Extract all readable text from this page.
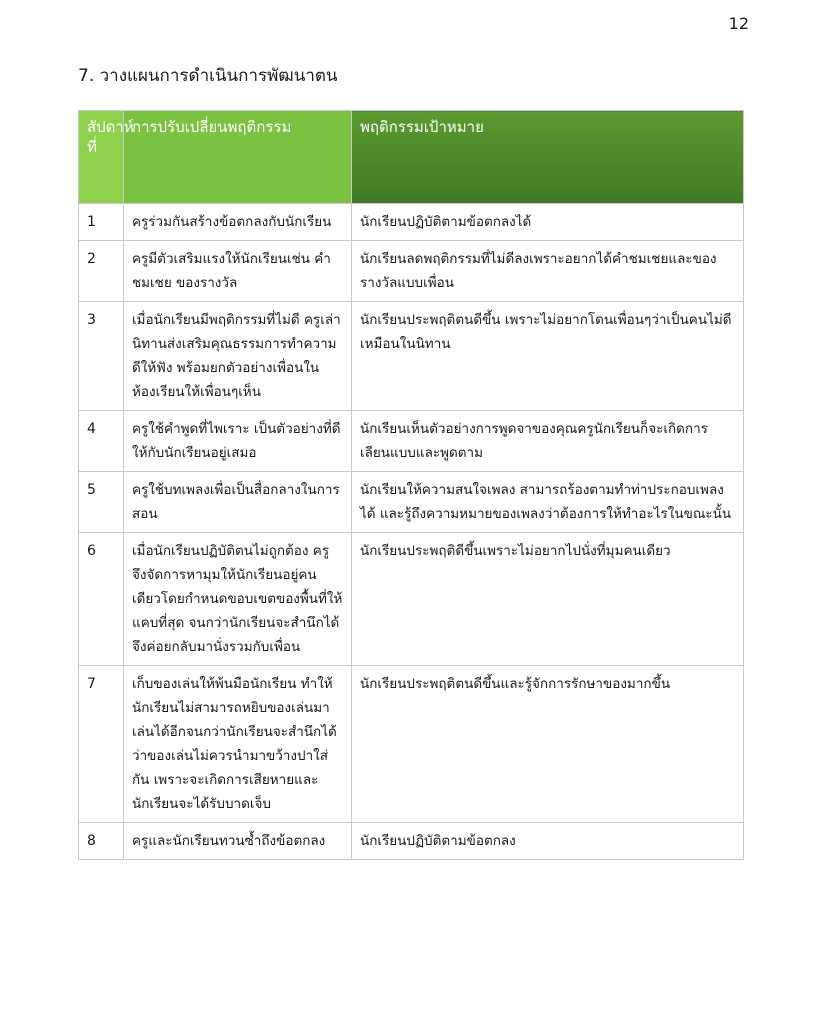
12
7. วางแผนการดำเนินการพัฒนาตน
สัปดาห์ที่	การปรับเปลี่ยนพฤติกรรม	พฤติกรรมเป้าหมาย
1	ครูร่วมกันสร้างข้อตกลงกับนักเรียน	นักเรียนปฏิบัติตามข้อตกลงได้
2	ครูมีตัวเสริมแรงให้นักเรียนเช่น คำชมเชย ของรางวัล	นักเรียนลดพฤติกรรมที่ไม่ดีลงเพราะอยากได้คำชมเชยและของรางวัลแบบเพื่อน
3	เมื่อนักเรียนมีพฤติกรรมที่ไม่ดี ครูเล่านิทานส่งเสริมคุณธรรมการทำความดีให้ฟัง พร้อมยกตัวอย่างเพื่อนในห้องเรียนให้เพื่อนๆเห็น	นักเรียนประพฤติตนดีขึ้น เพราะไม่อยากโดนเพื่อนๆว่าเป็นคนไม่ดีเหมือนในนิทาน
4	ครูใช้คำพูดที่ไพเราะ เป็นตัวอย่างที่ดีให้กับนักเรียนอยู่เสมอ	นักเรียนเห็นตัวอย่างการพูดจาของคุณครูนักเรียนก็จะเกิดการเลียนแบบและพูดตาม
5	ครูใช้บทเพลงเพื่อเป็นสื่อกลางในการสอน	นักเรียนให้ความสนใจเพลง สามารถร้องตามทำท่าประกอบเพลงได้ และรู้ถึงความหมายของเพลงว่าต้องการให้ทำอะไรในขณะนั้น
6	เมื่อนักเรียนปฏิบัติตนไม่ถูกต้อง ครูจึงจัดการหามุมให้นักเรียนอยู่คนเดียวโดยกำหนดขอบเขตของพื้นที่ให้แคบที่สุด จนกว่านักเรียนจะสำนึกได้ จึงค่อยกลับมานั่งรวมกับเพื่อน	นักเรียนประพฤติดีขึ้นเพราะไม่อยากไปนั่งที่มุมคนเดียว
7	เก็บของเล่นให้พ้นมือนักเรียน ทำให้นักเรียนไม่สามารถหยิบของเล่นมาเล่นได้อีกจนกว่านักเรียนจะสำนึกได้ว่าของเล่นไม่ควรนำมาขว้างปาใส่กัน เพราะจะเกิดการเสียหายและนักเรียนจะได้รับบาดเจ็บ	นักเรียนประพฤติตนดีขึ้นและรู้จักการรักษาของมากขึ้น
8	ครูและนักเรียนทวนซ้ำถึงข้อตกลง	นักเรียนปฏิบัติตามข้อตกลง
